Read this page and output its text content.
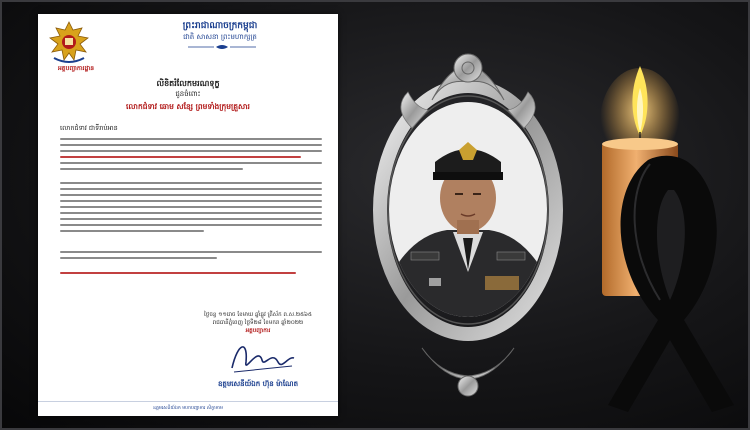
អគ្គបញ្ជាការដ្ឋាន
ព្រះរាជាណាចក្រកម្ពុជា
ជាតិ សាសនា ព្រះមហាក្សត្រ
លិខិតរំលែកមរណទុក្ខ
ជូនចំពោះ
លោកជំទាវ ឆោម សន្សែ ព្រមទាំងក្រុមគ្រួសារ
លោកជំទាវ ជាទីរាប់អាន
ថ្ងៃចន្ទ ១១រោច ខែមាឃ ឆ្នាំឆ្លូវ ត្រីស័ក ព.ស.២៥៦៥
រាជធានីភ្នំពេញ ថ្ងៃទី២៨ ខែមករា ឆ្នាំ២០២២
អគ្គបញ្ជាការ
ឧត្តមសេនីយ៍ឯក ហ៊ុន ម៉ាណែត
ឧត្តមសេនីយ៍ឯក មហាបញ្ជាការ សិក្ខាកាម
